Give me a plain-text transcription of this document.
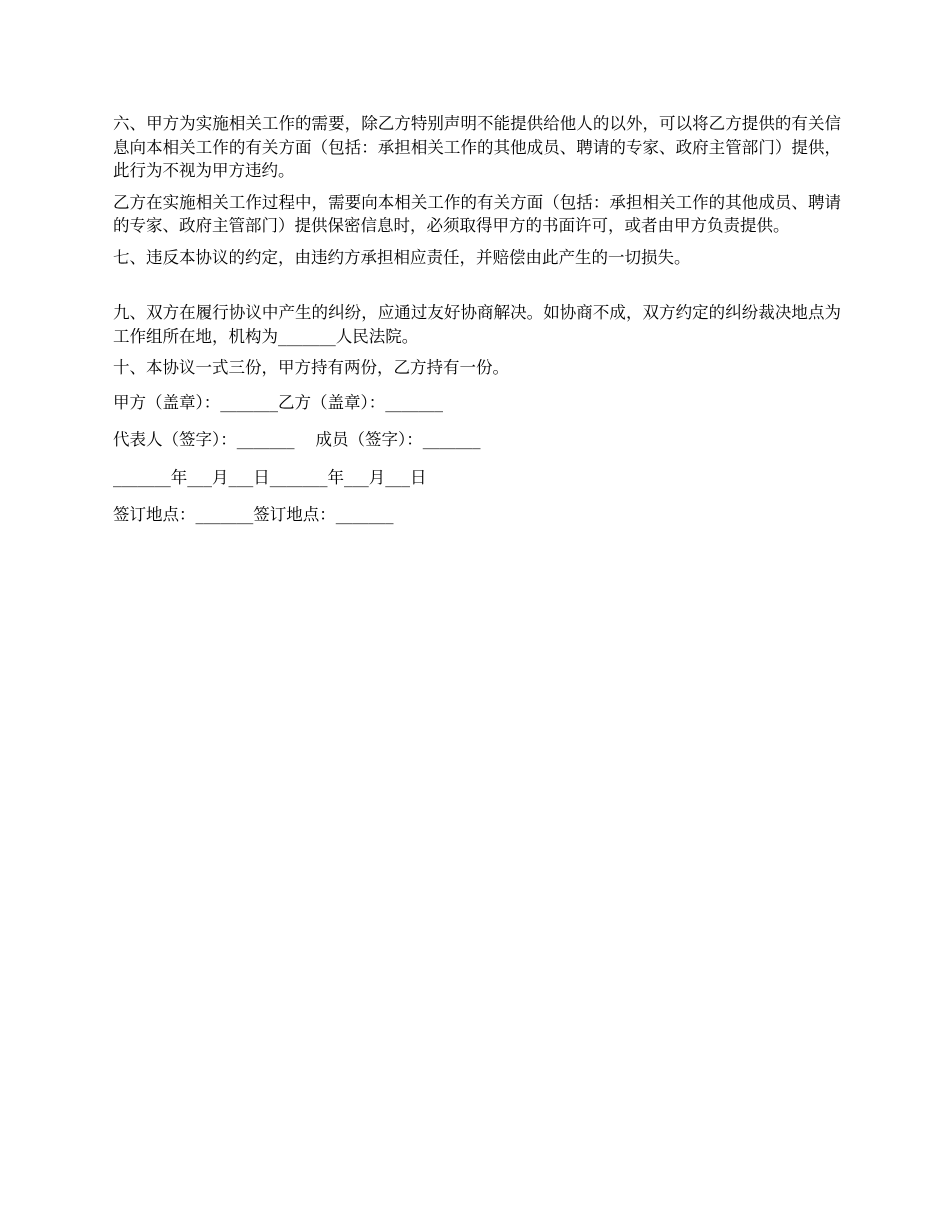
六、甲方为实施相关工作的需要，除乙方特别声明不能提供给他人的以外，可以将乙方提供的有关信息向本相关工作的有关方面（包括：承担相关工作的其他成员、聘请的专家、政府主管部门）提供，此行为不视为甲方违约。

乙方在实施相关工作过程中，需要向本相关工作的有关方面（包括：承担相关工作的其他成员、聘请的专家、政府主管部门）提供保密信息时，必须取得甲方的书面许可，或者由甲方负责提供。

七、违反本协议的约定，由违约方承担相应责任，并赔偿由此产生的一切损失。

九、双方在履行协议中产生的纠纷，应通过友好协商解决。如协商不成，双方约定的纠纷裁决地点为工作组所在地，机构为_______人民法院。

十、本协议一式三份，甲方持有两份，乙方持有一份。

甲方（盖章）：_______乙方（盖章）：_______

代表人（签字）：_______    成员（签字）：_______

_______年___月___日_______年___月___日

签订地点：_______签订地点：_______
